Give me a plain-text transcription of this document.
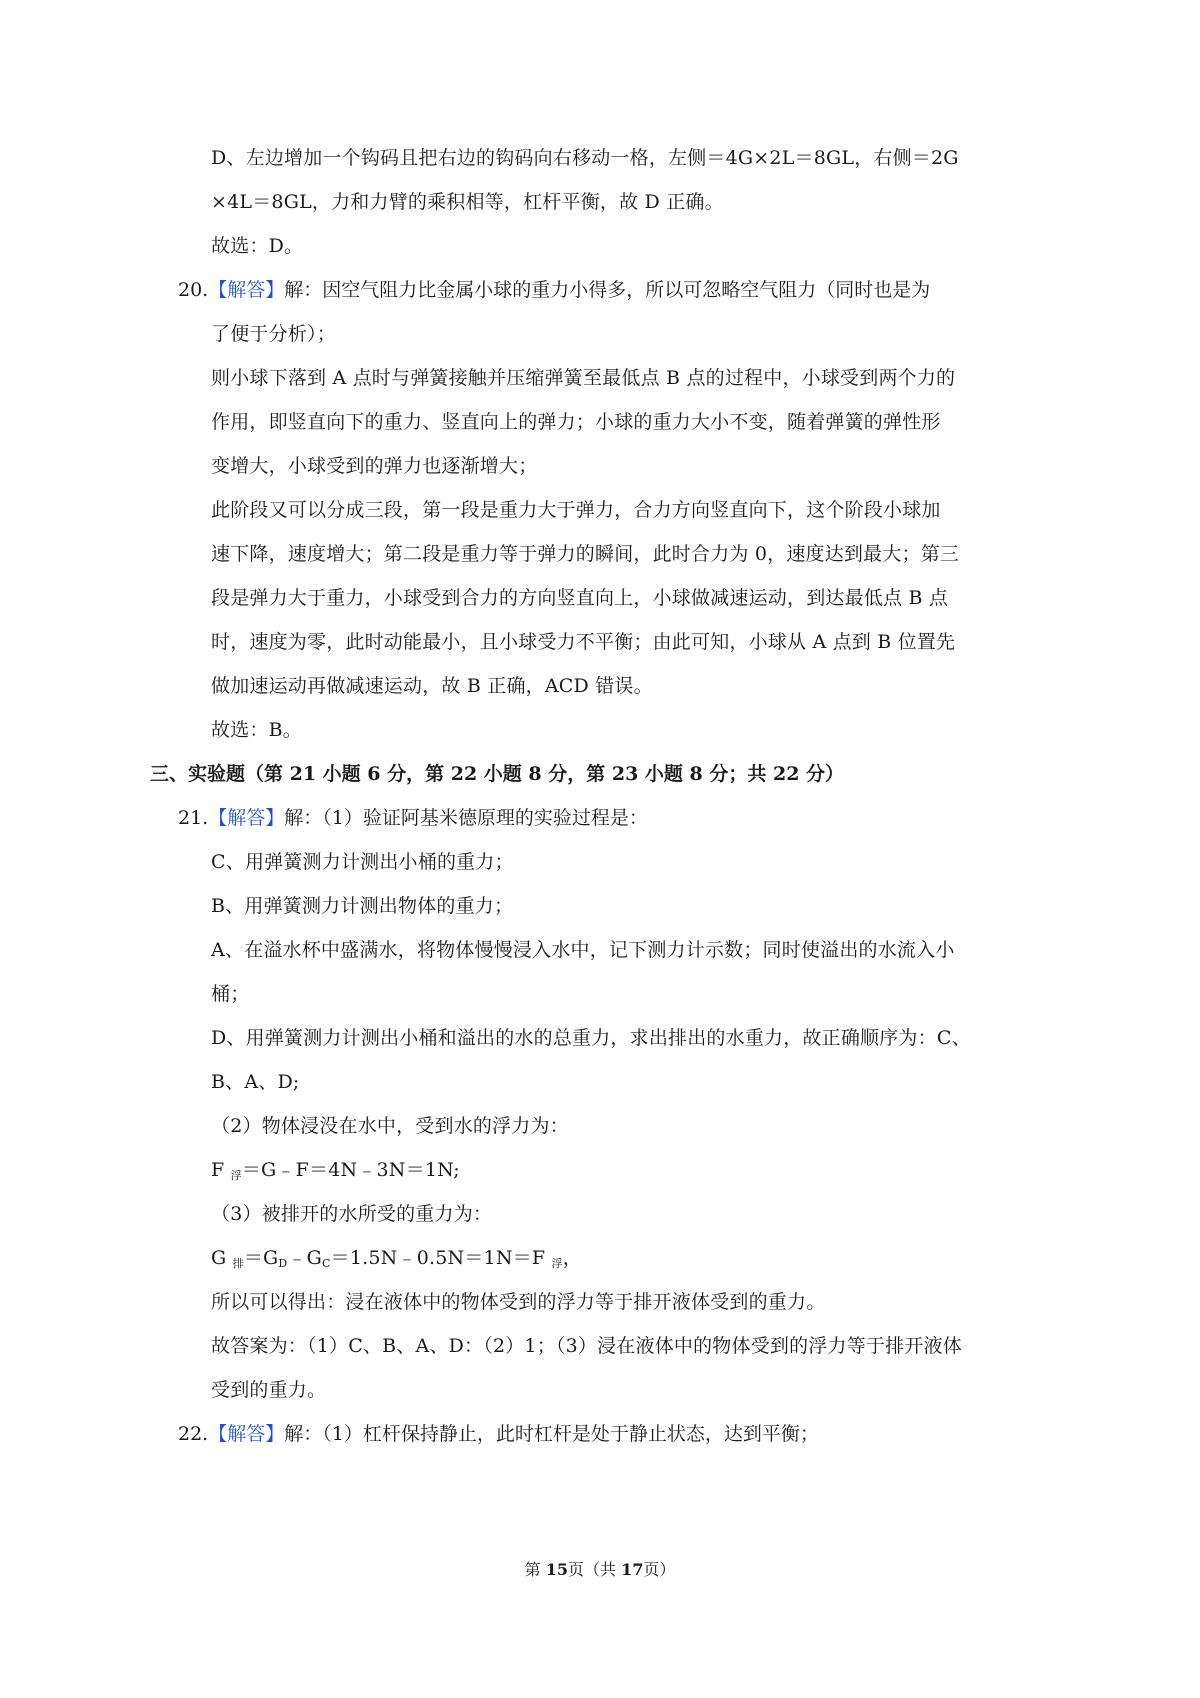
D、左边增加一个钩码且把右边的钩码向右移动一格，左侧＝4G×2L＝8GL，右侧＝2G
×4L＝8GL，力和力臂的乘积相等，杠杆平衡，故 D 正确。
故选：D。
20.【解答】解：因空气阻力比金属小球的重力小得多，所以可忽略空气阻力（同时也是为
了便于分析）；
则小球下落到 A 点时与弹簧接触并压缩弹簧至最低点 B 点的过程中，小球受到两个力的
作用，即竖直向下的重力、竖直向上的弹力；小球的重力大小不变，随着弹簧的弹性形
变增大，小球受到的弹力也逐渐增大；
此阶段又可以分成三段，第一段是重力大于弹力，合力方向竖直向下，这个阶段小球加
速下降，速度增大；第二段是重力等于弹力的瞬间，此时合力为 0，速度达到最大；第三
段是弹力大于重力，小球受到合力的方向竖直向上，小球做减速运动，到达最低点 B 点
时，速度为零，此时动能最小，且小球受力不平衡；由此可知，小球从 A 点到 B 位置先
做加速运动再做减速运动，故 B 正确，ACD 错误。
故选：B。
三、实验题（第 21 小题 6 分，第 22 小题 8 分，第 23 小题 8 分；共 22 分）
21.【解答】解：（1）验证阿基米德原理的实验过程是：
C、用弹簧测力计测出小桶的重力；
B、用弹簧测力计测出物体的重力；
A、在溢水杯中盛满水，将物体慢慢浸入水中，记下测力计示数；同时使溢出的水流入小
桶；
D、用弹簧测力计测出小桶和溢出的水的总重力，求出排出的水重力，故正确顺序为：C、
B、A、D;
（2）物体浸没在水中，受到水的浮力为：
F $_浮$＝G﹣F＝4N﹣3N＝1N;
（3）被排开的水所受的重力为：
G $_排=G_D﹣G_C=1.5N﹣0.5N=1N=F$ $_浮$，
所以可以得出：浸在液体中的物体受到的浮力等于排开液体受到的重力。
故答案为：（1）C、B、A、D：（2）1；（3）浸在液体中的物体受到的浮力等于排开液体
受到的重力。
22.【解答】解：（1）杠杆保持静止，此时杠杆是处于静止状态，达到平衡；
第 15页（共 17页）
